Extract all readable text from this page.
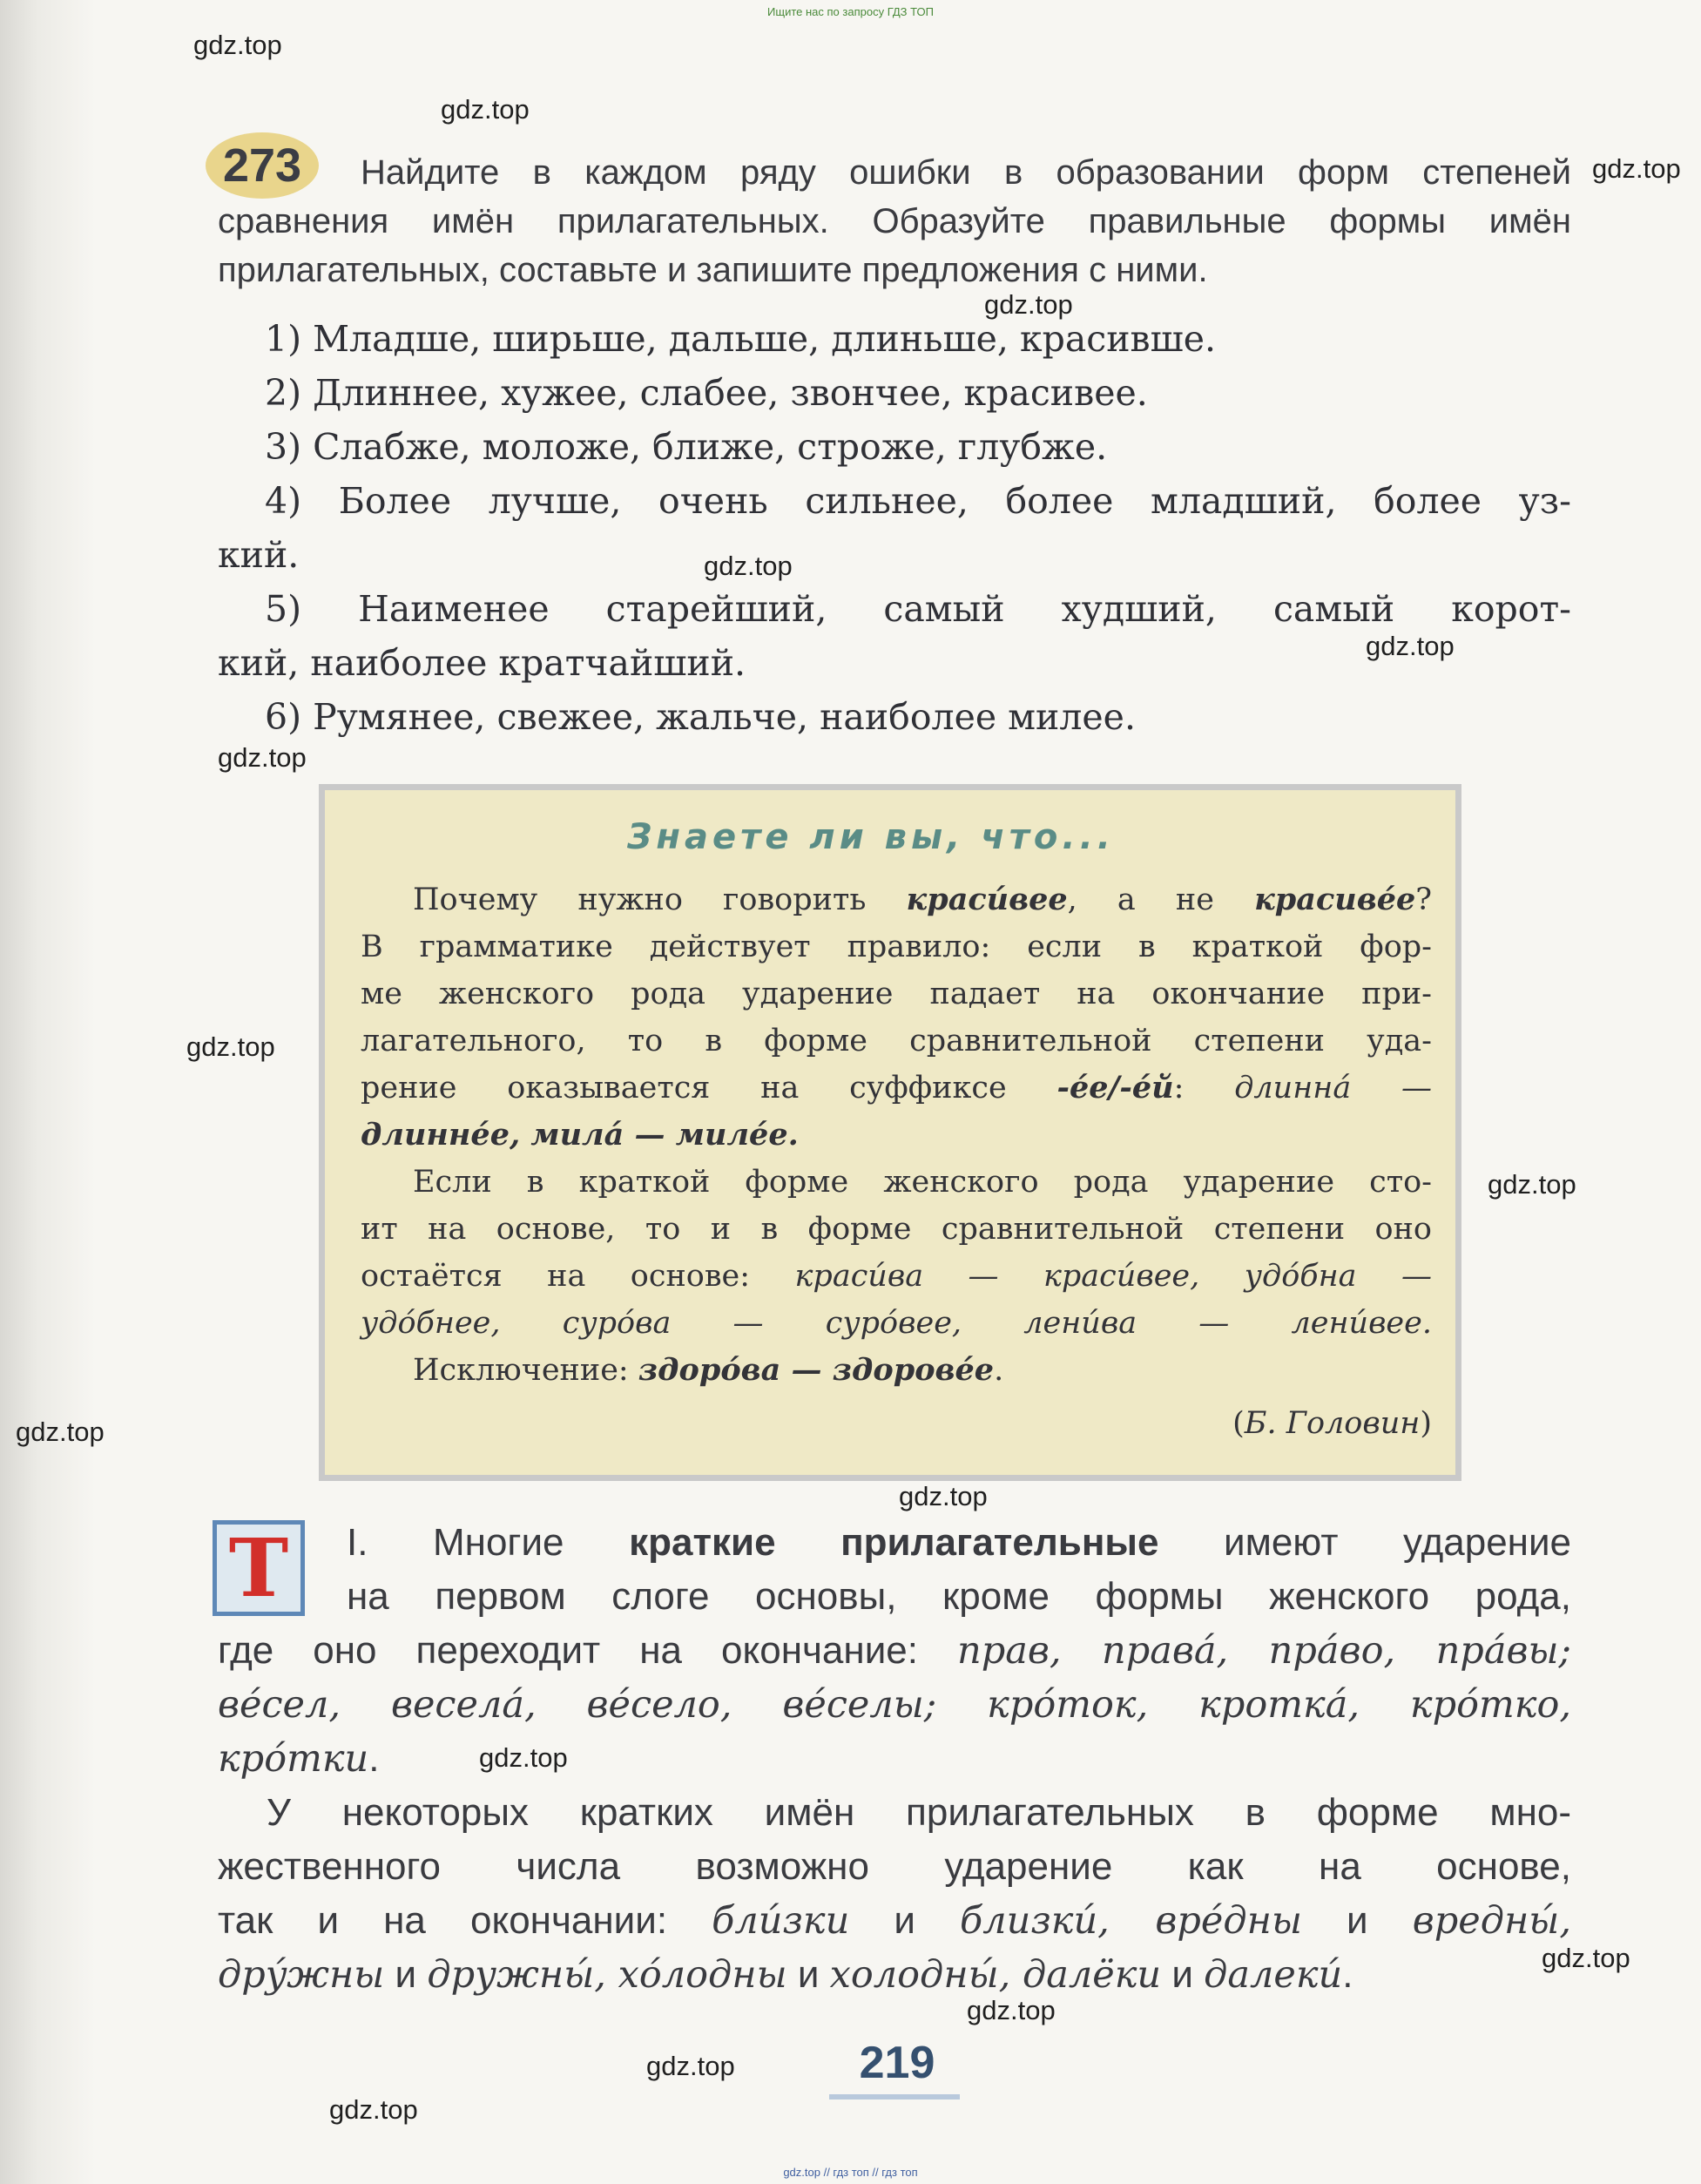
Ищите нас по запросу ГДЗ ТОП
gdz.top
gdz.top
gdz.top
gdz.top
gdz.top
gdz.top
gdz.top
gdz.top
gdz.top
gdz.top
gdz.top
gdz.top
gdz.top
gdz.top
gdz.top
gdz.top
273	Найдите в каждом ряду ошибки в образовании форм степеней
сравнения имён прилагательных. Образуйте правильные формы имён
прилагательных, составьте и запишите предложения с ними.
1) Младше, ширьше, дальше, длиньше, красивше.
2) Длиннее, хужее, слабее, звончее, красивее.
3) Слабже, моложе, ближе, строже, глубже.
4) Более лучше, очень сильнее, более младший, более уз-
кий.
5) Наименее старейший, самый худший, самый корот-
кий, наиболее кратчайший.
6) Румянее, свежее, жальче, наиболее милее.
Знаете ли вы, что...
Почему нужно говорить красúвее, а не красивéе?
В грамматике действует правило: если в краткой фор-
ме женского рода ударение падает на окончание при-
лагательного, то в форме сравнительной степени уда-
рение оказывается на суффиксе -éе/-éй: длиннá —
длиннéе, милá — милéе.
Если в краткой форме женского рода ударение сто-
ит на основе, то и в форме сравнительной степени оно
остаётся на основе: красúва — красúвее, удóбна —
удóбнее, сурóва — сурóвее, ленúва — ленúвее.
Исключение: здорóва — здоровéе.
(Б. Головин)
Т	I. Многие краткие прилагательные имеют ударение
на первом слоге основы, кроме формы женского рода,
где оно переходит на окончание: прав, правá, прáво, прáвы;
вéсел, веселá, вéсело, вéселы; крóток, кроткá, крóтко,
крóтки.
У некоторых кратких имён прилагательных в форме мно-
жественного числа возможно ударение как на основе,
так и на окончании: блúзки и близкú, врéдны и вредны́,
дрýжны и дружны́, хóлодны и холодны́, далёки и далекú.
219
gdz.top // гдз топ // гдз топ
